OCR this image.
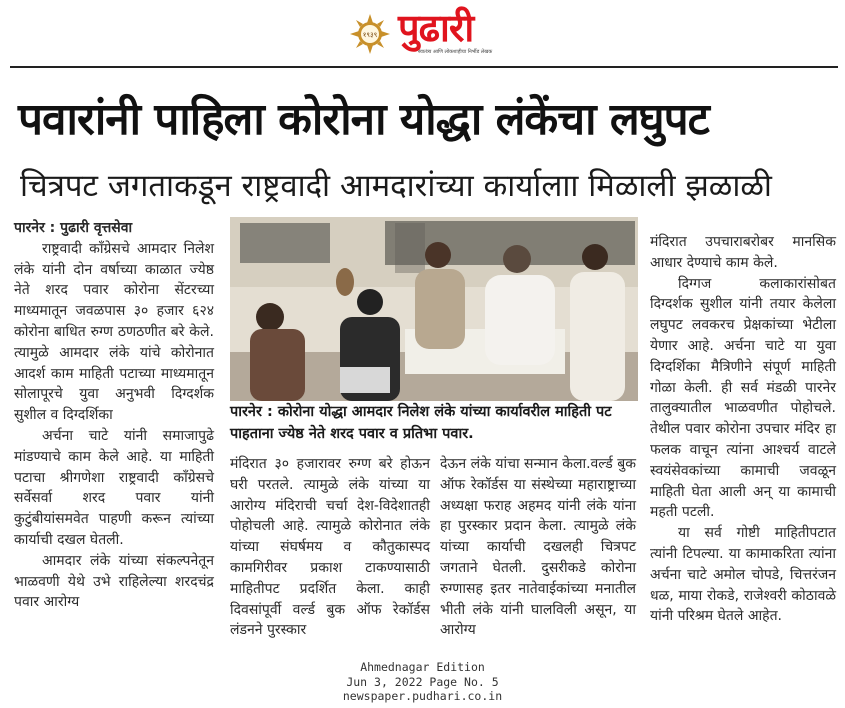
१९३९ पुढारी
स्वातंत्र्य आणि लोकशाहीचा निर्भीड लेखक
पवारांनी पाहिला कोरोना योद्धा लंकेंचा लघुपट
चित्रपट जगताकडून राष्ट्रवादी आमदारांच्या कार्यालाा मिळाली झळाळी

पारनेर : पुढारी वृत्तसेवा

राष्ट्रवादी काँग्रेसचे आमदार निलेश लंके यांनी दोन वर्षाच्या काळात ज्येष्ठ नेते शरद पवार कोरोना सेंटरच्या माध्यमातून जवळपास ३० हजार ६२४ कोरोना बाधित रुग्ण ठणठणीत बरे केले. त्यामुळे आमदार लंके यांचे कोरोनात आदर्श काम माहिती पटाच्या माध्यमातून सोलापूरचे युवा अनुभवी दिग्दर्शक सुशील व दिग्दर्शिका

अर्चना चाटे यांनी समाजापुढे मांडण्याचे काम केले आहे. या माहिती पटाचा श्रीगणेशा राष्ट्रवादी काँग्रेसचे सर्वेसर्वा शरद पवार यांनी कुटुंबीयांसमवेत पाहणी करून त्यांच्या कार्याची दखल घेतली.

आमदार लंके यांच्या संकल्पनेतून भाळवणी येथे उभे राहिलेल्या शरदचंद्र पवार आरोग्य

पारनेर : कोरोना योद्धा आमदार निलेश लंके यांच्या कार्यावरील माहिती पट पाहताना ज्येष्ठ नेते शरद पवार व प्रतिभा पवार.

मंदिरात ३० हजारावर रुग्ण बरे होऊन घरी परतले. त्यामुळे लंके यांच्या या आरोग्य मंदिराची चर्चा देश-विदेशातही पोहोचली आहे. त्यामुळे कोरोनात लंके यांच्या संघर्षमय व कौतुकास्पद कामगिरीवर प्रकाश टाकण्यासाठी माहितीपट प्रदर्शित केला. काही दिवसांपूर्वी वर्ल्ड बुक ऑफ रेकॉर्डस लंडनने पुरस्कार

देऊन लंके यांचा सन्मान केला.वर्ल्ड बुक ऑफ रेकॉर्डस या संस्थेच्या महाराष्ट्राच्या अध्यक्षा फराह अहमद यांनी लंके यांना हा पुरस्कार प्रदान केला. त्यामुळे लंके यांच्या कार्याची दखलही चित्रपट जगताने घेतली. दुसरीकडे कोरोना रुग्णासह इतर नातेवाईकांच्या मनातील भीती लंके यांनी घालविली असून, या आरोग्य

मंदिरात उपचाराबरोबर मानसिक आधार देण्याचे काम केले.

दिग्गज कलाकारांसोबत दिग्दर्शक सुशील यांनी तयार केलेला लघुपट लवकरच प्रेक्षकांच्या भेटीला येणार आहे. अर्चना चाटे या युवा दिग्दर्शिका मैत्रिणीने संपूर्ण माहिती गोळा केली. ही सर्व मंडळी पारनेर तालुक्यातील भाळवणीत पोहोचले. तेथील पवार कोरोना उपचार मंदिर हा फलक वाचून त्यांना आश्चर्य वाटले स्वयंसेवकांच्या कामाची जवळून माहिती घेता आली अन् या कामाची महती पटली.

या सर्व गोष्टी माहितीपटात त्यांनी टिपल्या. या कामाकरिता त्यांना अर्चना चाटे अमोल चोपडे, चित्तरंजन धळ, माया रोकडे, राजेश्वरी कोठावळे यांनी परिश्रम घेतले आहेत.

Ahmednagar Edition
Jun 3, 2022 Page No. 5
newspaper.pudhari.co.in
